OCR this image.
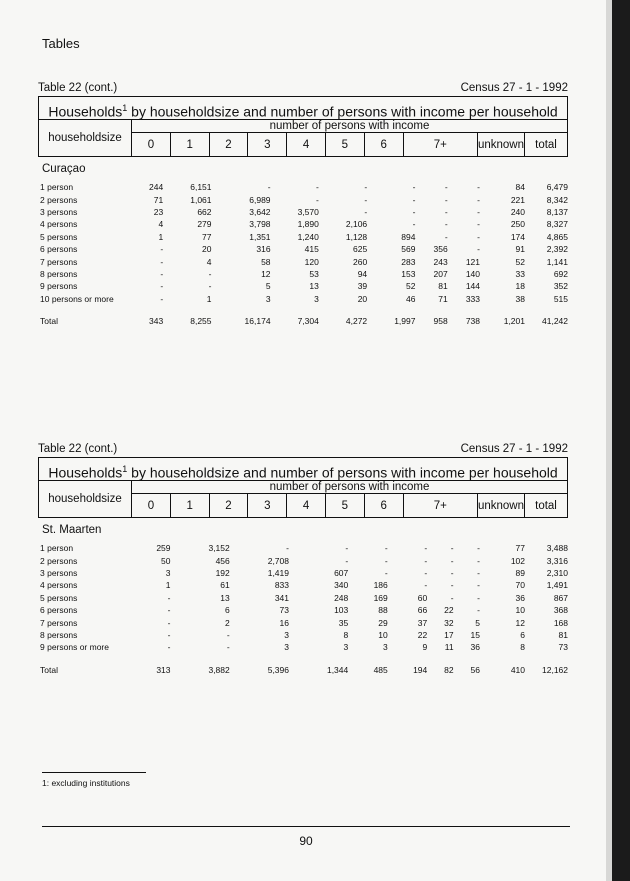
Tables
Table 22 (cont.)	Census 27 - 1 - 1992
Households$^1$ by householdsize and number of persons with income per household
householdsize	number of persons with income									
	0	1	2	3	4	5	6	7+	unknown	total
Curaçao
1 person	244	6,151	-	-	-	-	-	-	84	6,479
2 persons	71	1,061	6,989	-	-	-	-	-	221	8,342
3 persons	23	662	3,642	3,570	-	-	-	-	240	8,137
4 persons	4	279	3,798	1,890	2,106	-	-	-	250	8,327
5 persons	1	77	1,351	1,240	1,128	894	-	-	174	4,865
6 persons	-	20	316	415	625	569	356	-	91	2,392
7 persons	-	4	58	120	260	283	243	121	52	1,141
8 persons	-	-	12	53	94	153	207	140	33	692
9 persons	-	-	5	13	39	52	81	144	18	352
10 persons or more	-	1	3	3	20	46	71	333	38	515
Total	343	8,255	16,174	7,304	4,272	1,997	958	738	1,201	41,242
Table 22 (cont.)	Census 27 - 1 - 1992
Households$^1$ by householdsize and number of persons with income per household
householdsize	number of persons with income									
	0	1	2	3	4	5	6	7+	unknown	total
St. Maarten
1 person	259	3,152	-	-	-	-	-	-	77	3,488
2 persons	50	456	2,708	-	-	-	-	-	102	3,316
3 persons	3	192	1,419	607	-	-	-	-	89	2,310
4 persons	1	61	833	340	186	-	-	-	70	1,491
5 persons	-	13	341	248	169	60	-	-	36	867
6 persons	-	6	73	103	88	66	22	-	10	368
7 persons	-	2	16	35	29	37	32	5	12	168
8 persons	-	-	3	8	10	22	17	15	6	81
9 persons or more	-	-	3	3	3	9	11	36	8	73
Total	313	3,882	5,396	1,344	485	194	82	56	410	12,162
1: excluding institutions
90
